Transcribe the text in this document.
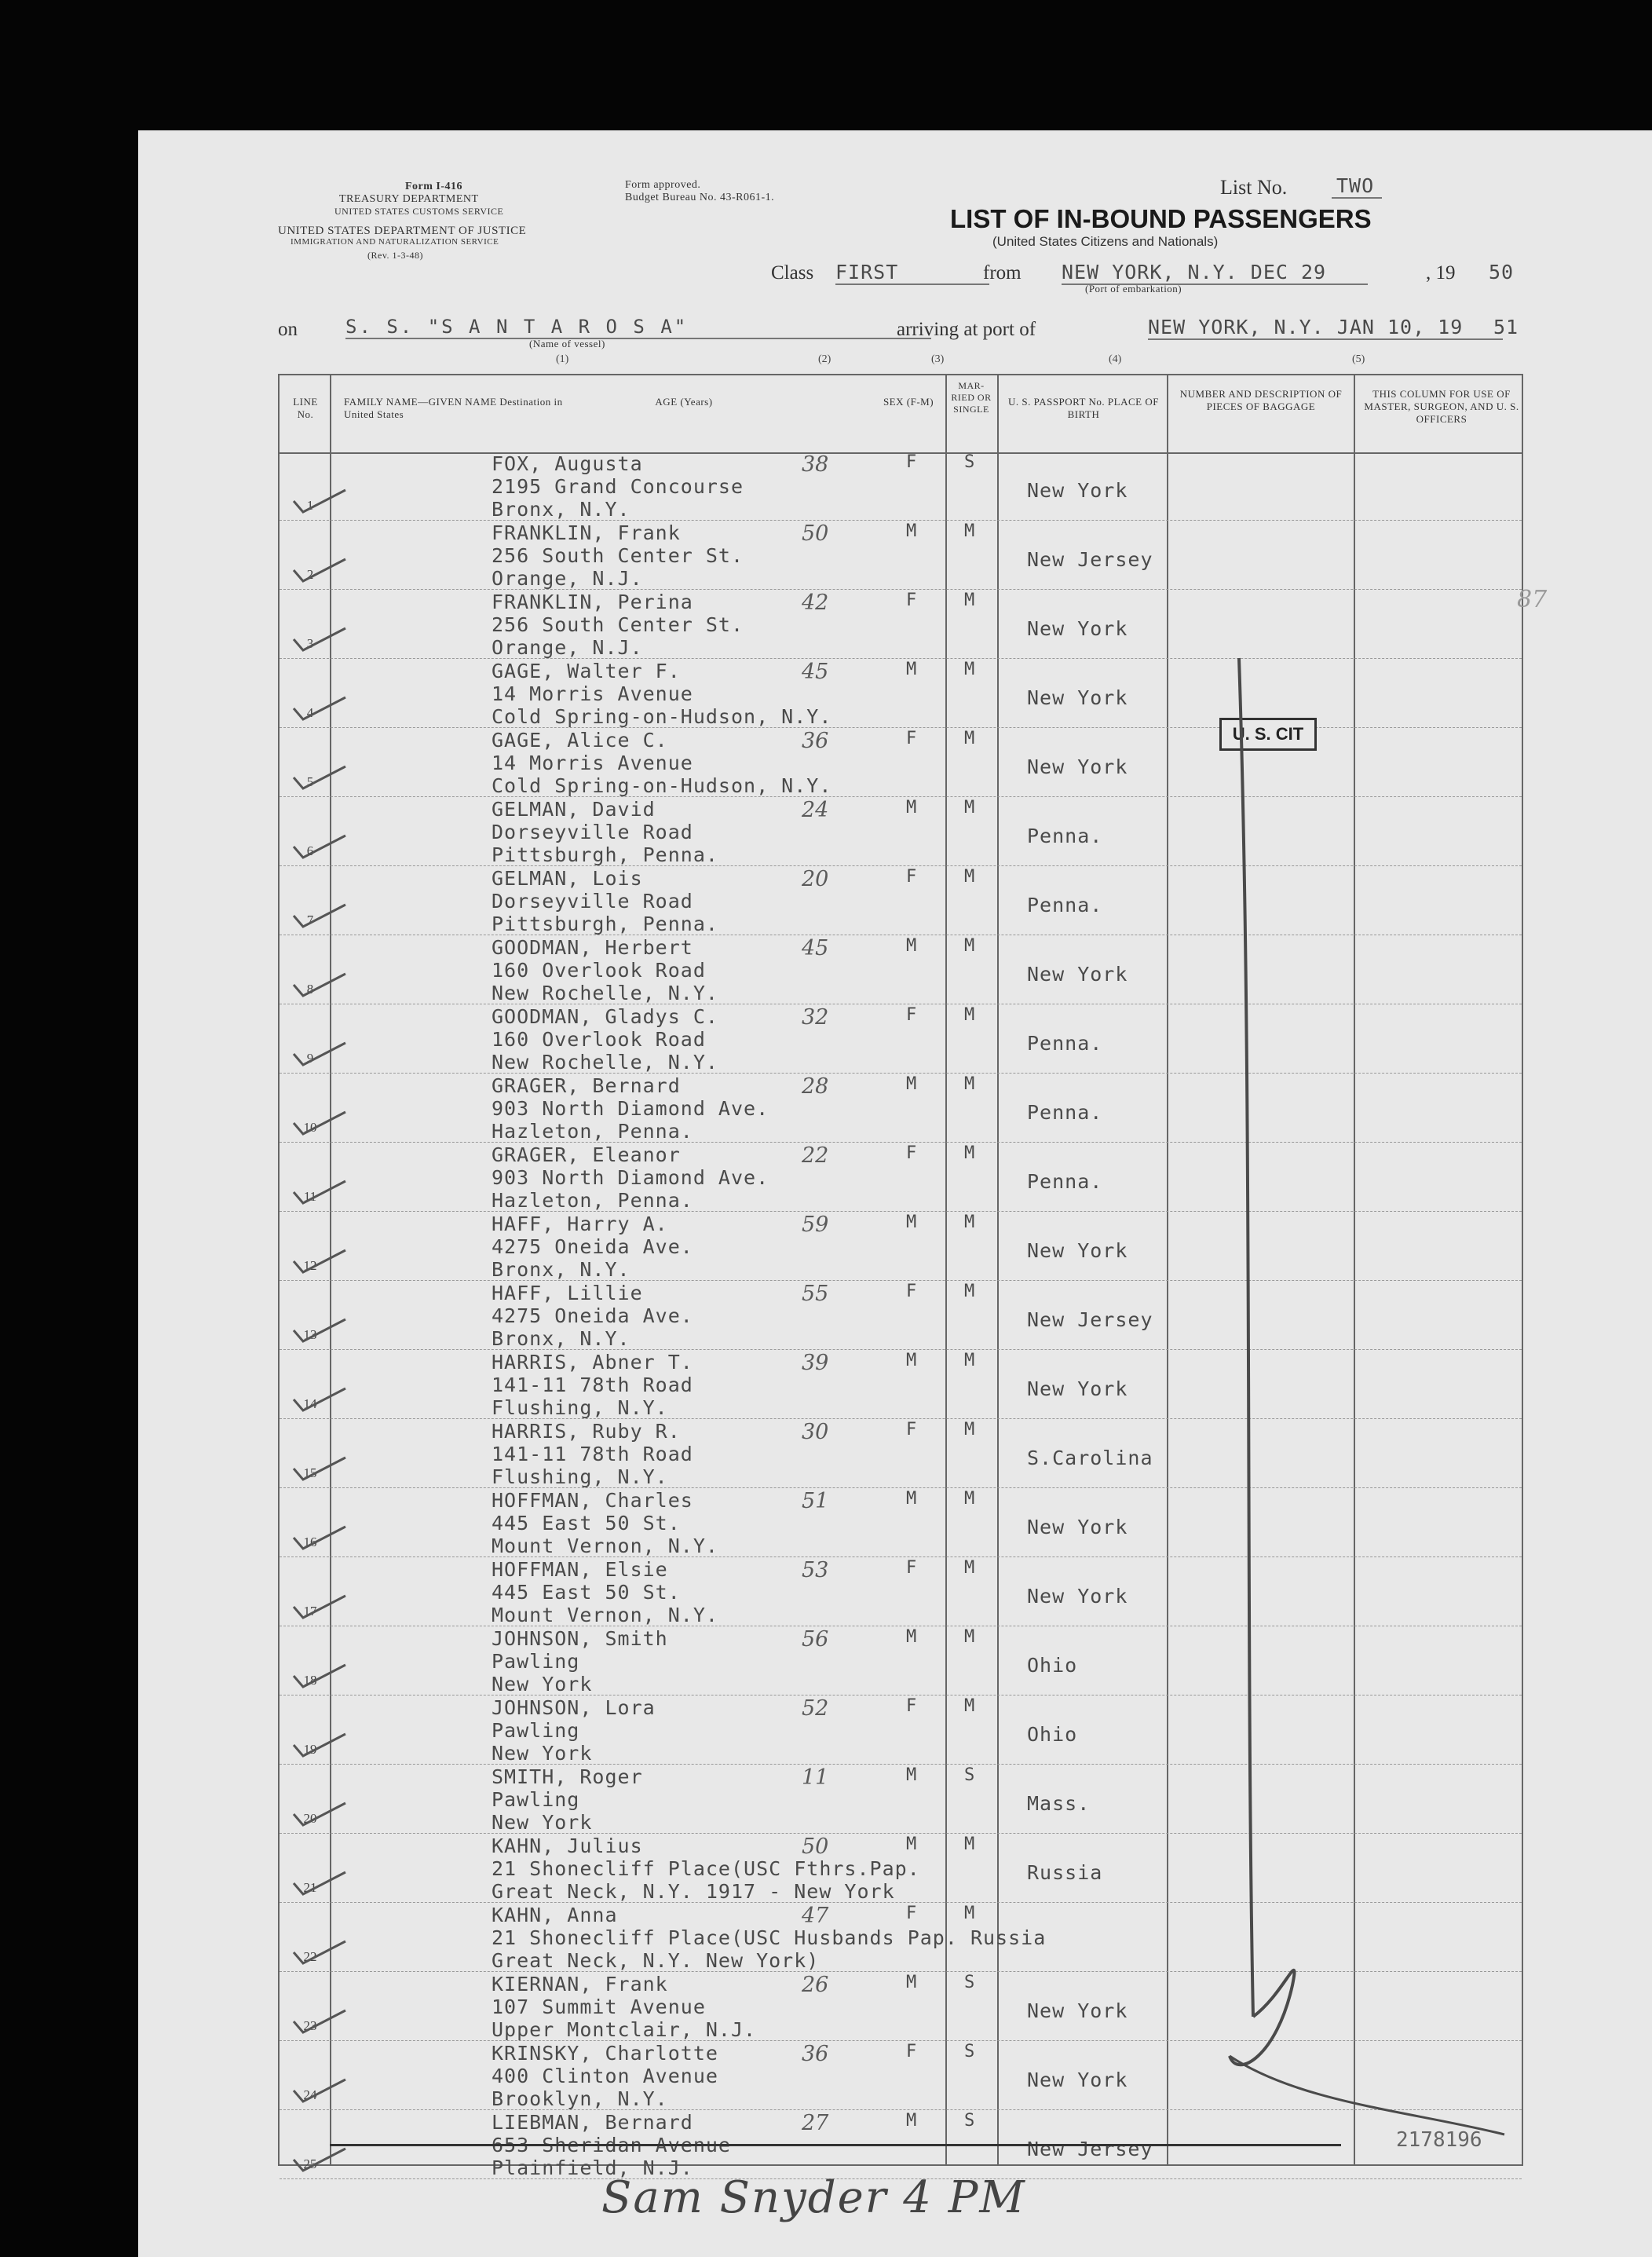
Form I-416
TREASURY DEPARTMENT
UNITED STATES CUSTOMS SERVICE
UNITED STATES DEPARTMENT OF JUSTICE
IMMIGRATION AND NATURALIZATION SERVICE
(Rev. 1-3-48)
Form approved.
Budget Bureau No. 43-R061-1.	List No.	TWO
LIST OF IN-BOUND PASSENGERS
(United States Citizens and Nationals)
Class FIRST	from NEW YORK, N.Y. DEC 29	, 19 50
(Port of embarkation)
on	S. S. "S A N T A R O S A"
(Name of vessel)
arriving at port of	NEW YORK, N.Y. JAN 10, 19	51
(1)	(2)	(3)	(4)	(5)
LINE No.
FAMILY NAME—GIVEN NAME Destination in United States
AGE (Years)	SEX (F-M)
MAR-RIED OR SINGLE
U. S. PASSPORT No. PLACE OF BIRTH
NUMBER AND DESCRIPTION OF PIECES OF BAGGAGE
THIS COLUMN FOR USE OF MASTER, SURGEON, AND U. S. OFFICERS
1
FOX, Augusta
2195 Grand Concourse
Bronx, N.Y.
38	F	S
New York
2
FRANKLIN, Frank
256 South Center St.
Orange, N.J.
50	M	M
New Jersey
3
FRANKLIN, Perina
256 South Center St.
Orange, N.J.
42	F	M
New York
4
GAGE, Walter F.
14 Morris Avenue
Cold Spring-on-Hudson, N.Y.
45	M	M
New York
5
GAGE, Alice C.
14 Morris Avenue
Cold Spring-on-Hudson, N.Y.
36	F	M
New York
6
GELMAN, David
Dorseyville Road
Pittsburgh, Penna.
24	M	M
Penna.
7
GELMAN, Lois
Dorseyville Road
Pittsburgh, Penna.
20	F	M
Penna.
8
GOODMAN, Herbert
160 Overlook Road
New Rochelle, N.Y.
45	M	M
New York
9
GOODMAN, Gladys C.
160 Overlook Road
New Rochelle, N.Y.
32	F	M
Penna.
10
GRAGER, Bernard
903 North Diamond Ave.
Hazleton, Penna.
28	M	M
Penna.
11
GRAGER, Eleanor
903 North Diamond Ave.
Hazleton, Penna.
22	F	M
Penna.
12
HAFF, Harry A.
4275 Oneida Ave.
Bronx, N.Y.
59	M	M
New York
13
HAFF, Lillie
4275 Oneida Ave.
Bronx, N.Y.
55	F	M
New Jersey
14
HARRIS, Abner T.
141-11 78th Road
Flushing, N.Y.
39	M	M
New York
15
HARRIS, Ruby R.
141-11 78th Road
Flushing, N.Y.
30	F	M
S.Carolina
16
HOFFMAN, Charles
445 East 50 St.
Mount Vernon, N.Y.
51	M	M
New York
17
HOFFMAN, Elsie
445 East 50 St.
Mount Vernon, N.Y.
53	F	M
New York
18
JOHNSON, Smith
Pawling
New York
56	M	M
Ohio
19
JOHNSON, Lora
Pawling
New York
52	F	M
Ohio
20
SMITH, Roger
Pawling
New York
11	M	S
Mass.
21
KAHN, Julius
21 Shonecliff Place(USC Fthrs.Pap.
Great Neck, N.Y. 1917 - New York
50	M	M
Russia
22
KAHN, Anna
21 Shonecliff Place(USC Husbands Pap. Russia
Great Neck, N.Y. New York)
47	F	M
23
KIERNAN, Frank
107 Summit Avenue
Upper Montclair, N.J.
26	M	S
New York
24
KRINSKY, Charlotte
400 Clinton Avenue
Brooklyn, N.Y.
36	F	S
New York
25
LIEBMAN, Bernard
653 Sheridan Avenue
Plainfield, N.J.
27	M	S
New Jersey
U. S. CIT
87
2178196
Sam Snyder 4 PM
